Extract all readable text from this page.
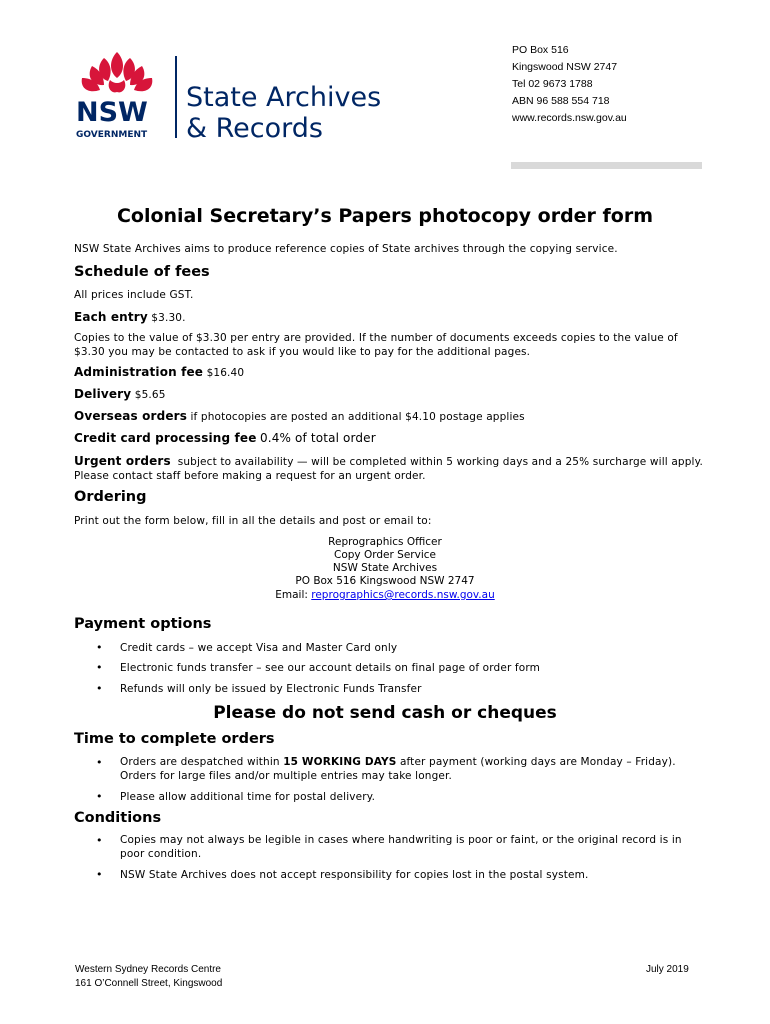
NSW
GOVERNMENT
State Archives
& Records
PO Box 516
Kingswood NSW 2747
Tel 02 9673 1788
ABN 96 588 554 718
www.records.nsw.gov.au
Colonial Secretary’s Papers photocopy order form
NSW State Archives aims to produce reference copies of State archives through the copying service.
Schedule of fees
All prices include GST.
Each entry $3.30.
Copies to the value of $3.30 per entry are provided. If the number of documents exceeds copies to the value of $3.30 you may be contacted to ask if you would like to pay for the additional pages.
Administration fee $16.40
Delivery $5.65
Overseas orders if photocopies are posted an additional $4.10 postage applies
Credit card processing fee 0.4% of total order
Urgent orders subject to availability — will be completed within 5 working days and a 25% surcharge will apply. Please contact staff before making a request for an urgent order.
Ordering
Print out the form below, fill in all the details and post or email to:
Reprographics Officer
Copy Order Service
NSW State Archives
PO Box 516 Kingswood NSW 2747
Email: reprographics@records.nsw.gov.au
Payment options
• Credit cards – we accept Visa and Master Card only
• Electronic funds transfer – see our account details on final page of order form
• Refunds will only be issued by Electronic Funds Transfer
Please do not send cash or cheques
Time to complete orders
• Orders are despatched within 15 WORKING DAYS after payment (working days are Monday – Friday). Orders for large files and/or multiple entries may take longer.
• Please allow additional time for postal delivery.
Conditions
• Copies may not always be legible in cases where handwriting is poor or faint, or the original record is in poor condition.
• NSW State Archives does not accept responsibility for copies lost in the postal system.
Western Sydney Records Centre
161 O’Connell Street, Kingswood
July 2019
